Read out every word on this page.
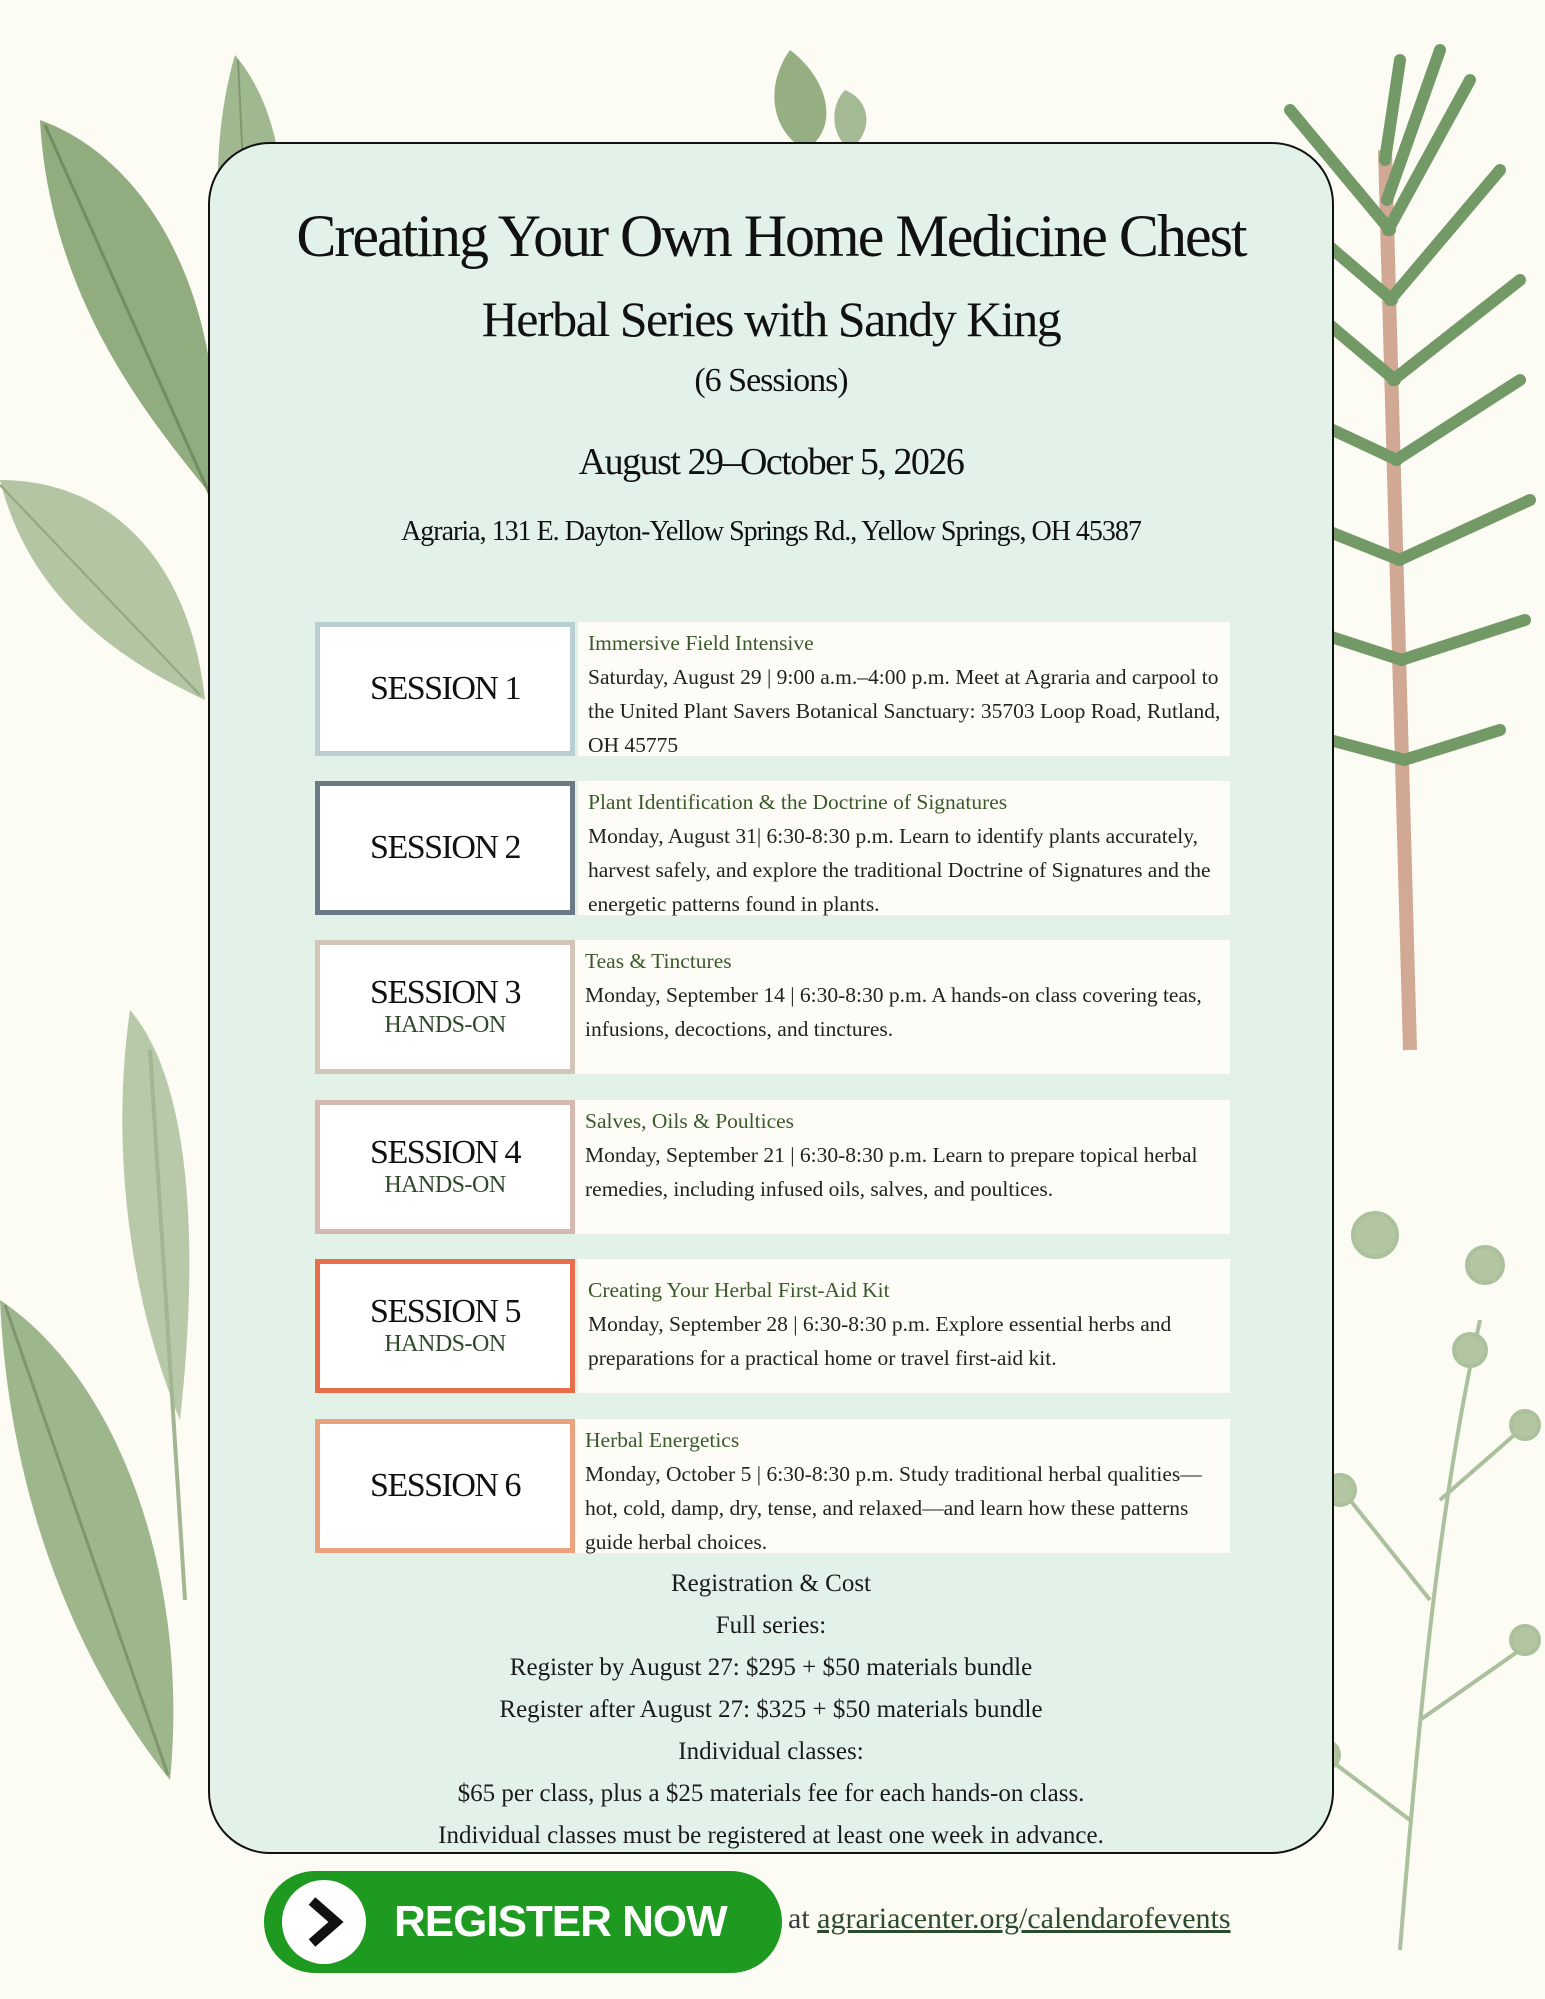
Creating Your Own Home Medicine Chest
Herbal Series with Sandy King
(6 Sessions)
August 29–October 5, 2026
Agraria, 131 E. Dayton-Yellow Springs Rd., Yellow Springs, OH 45387
SESSION 1
Immersive Field Intensive
Saturday, August 29 | 9:00 a.m.–4:00 p.m. Meet at Agraria and carpool to the United Plant Savers Botanical Sanctuary: 35703 Loop Road, Rutland, OH 45775
SESSION 2
Plant Identification & the Doctrine of Signatures
Monday, August 31| 6:30-8:30 p.m. Learn to identify plants accurately, harvest safely, and explore the traditional Doctrine of Signatures and the energetic patterns found in plants.
SESSION 3
HANDS-ON
Teas & Tinctures
Monday, September 14 | 6:30-8:30 p.m. A hands-on class covering teas, infusions, decoctions, and tinctures.
SESSION 4
HANDS-ON
Salves, Oils & Poultices
Monday, September 21 | 6:30-8:30 p.m. Learn to prepare topical herbal remedies, including infused oils, salves, and poultices.
SESSION 5
HANDS-ON
Creating Your Herbal First-Aid Kit
Monday, September 28 | 6:30-8:30 p.m. Explore essential herbs and preparations for a practical home or travel first-aid kit.
SESSION 6
Herbal Energetics
Monday, October 5 | 6:30-8:30 p.m. Study traditional herbal qualities—hot, cold, damp, dry, tense, and relaxed—and learn how these patterns guide herbal choices.
Registration & Cost
Full series:
Register by August 27: $295 + $50 materials bundle
Register after August 27: $325 + $50 materials bundle
Individual classes:
$65 per class, plus a $25 materials fee for each hands-on class.
Individual classes must be registered at least one week in advance.
REGISTER NOW at agrariacenter.org/calendarofevents
